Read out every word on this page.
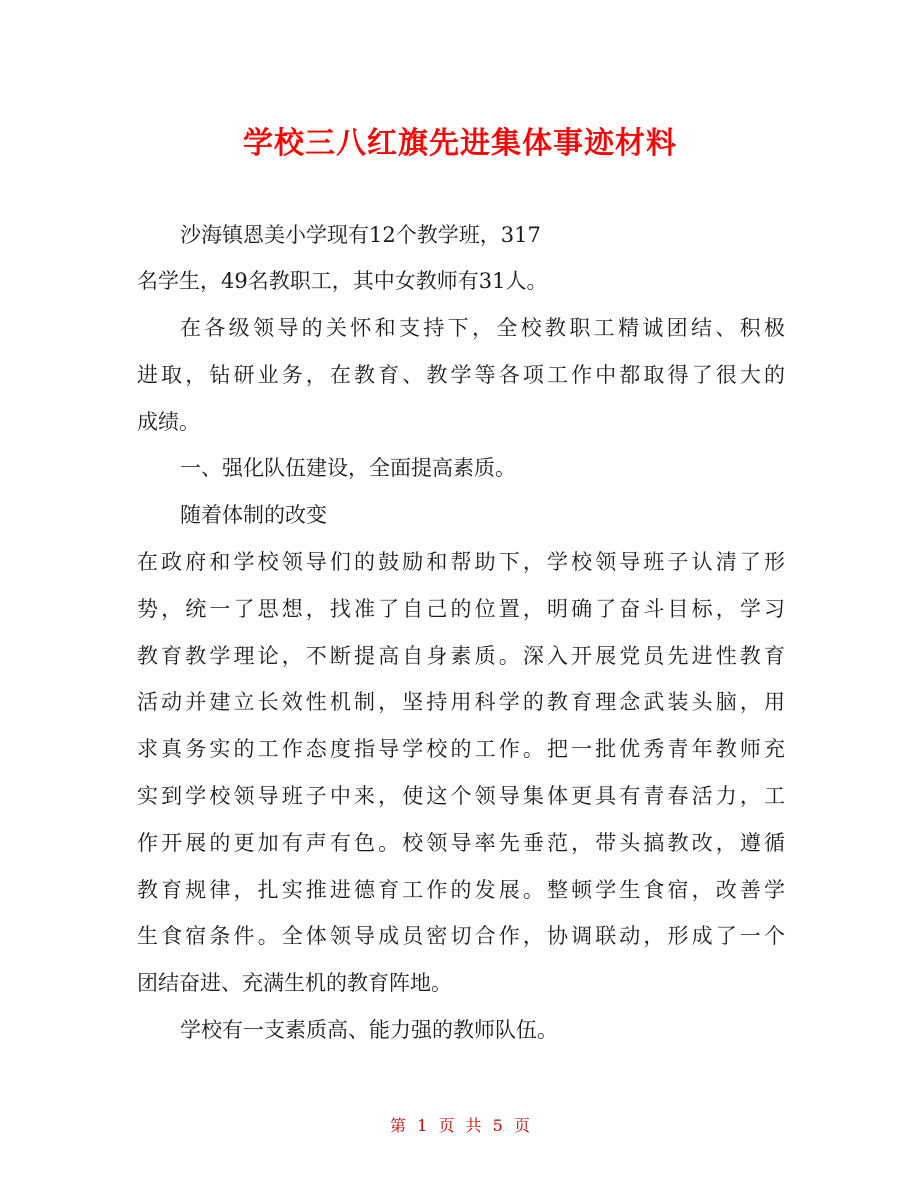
学校三八红旗先进集体事迹材料
沙海镇恩美小学现有12个教学班，317
名学生，49名教职工，其中女教师有31人。
在各级领导的关怀和支持下，全校教职工精诚团结、积极
进取，钻研业务，在教育、教学等各项工作中都取得了很大的
成绩。
一、强化队伍建设，全面提高素质。
随着体制的改变
在政府和学校领导们的鼓励和帮助下，学校领导班子认清了形
势，统一了思想，找准了自己的位置，明确了奋斗目标，学习
教育教学理论，不断提高自身素质。深入开展党员先进性教育
活动并建立长效性机制，坚持用科学的教育理念武装头脑，用
求真务实的工作态度指导学校的工作。把一批优秀青年教师充
实到学校领导班子中来，使这个领导集体更具有青春活力，工
作开展的更加有声有色。校领导率先垂范，带头搞教改，遵循
教育规律，扎实推进德育工作的发展。整顿学生食宿，改善学
生食宿条件。全体领导成员密切合作，协调联动，形成了一个
团结奋进、充满生机的教育阵地。
学校有一支素质高、能力强的教师队伍。
第 1 页 共 5 页
